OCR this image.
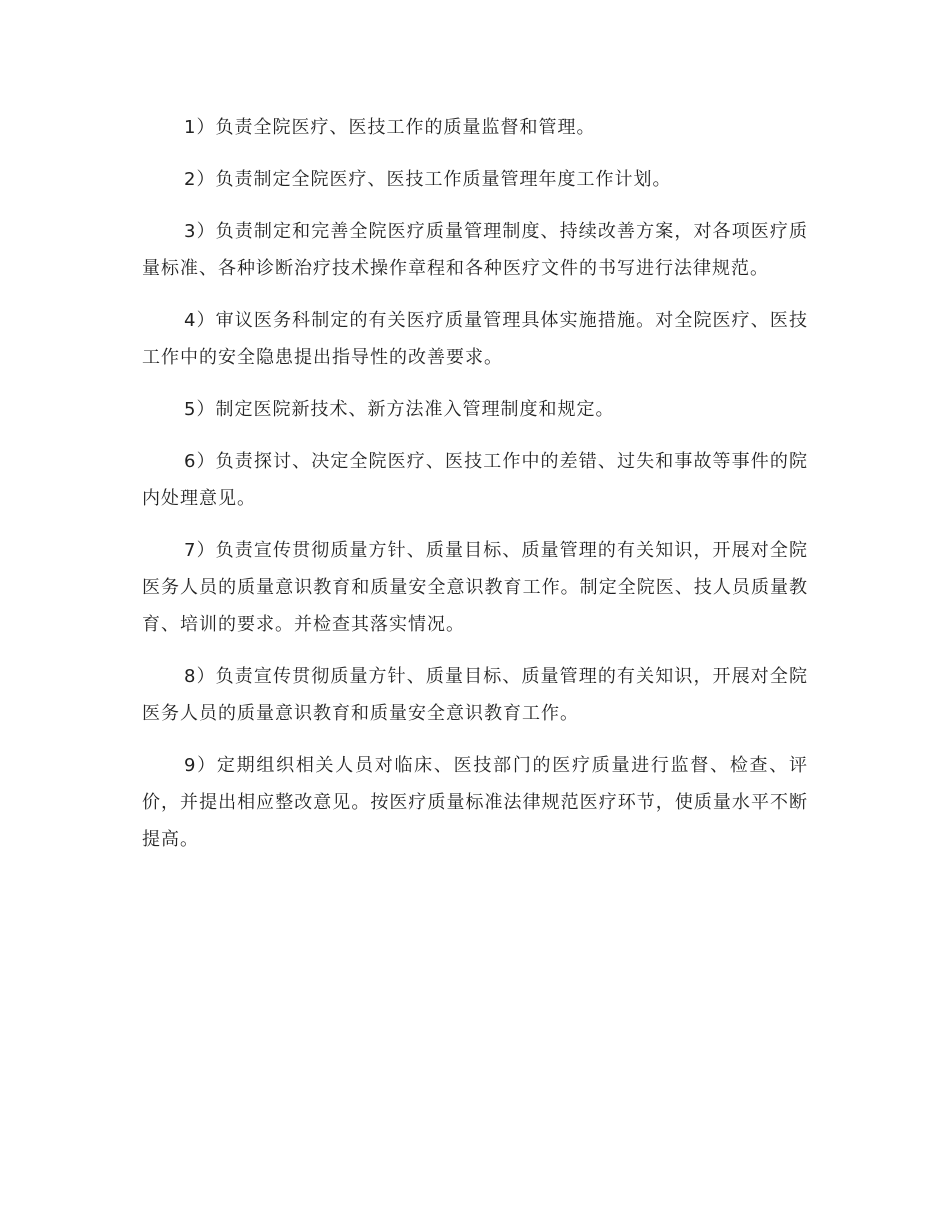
1）负责全院医疗、医技工作的质量监督和管理。

2）负责制定全院医疗、医技工作质量管理年度工作计划。

3）负责制定和完善全院医疗质量管理制度、持续改善方案，对各项医疗质量标准、各种诊断治疗技术操作章程和各种医疗文件的书写进行法律规范。

4）审议医务科制定的有关医疗质量管理具体实施措施。对全院医疗、医技工作中的安全隐患提出指导性的改善要求。

5）制定医院新技术、新方法准入管理制度和规定。

6）负责探讨、决定全院医疗、医技工作中的差错、过失和事故等事件的院内处理意见。

7）负责宣传贯彻质量方针、质量目标、质量管理的有关知识，开展对全院医务人员的质量意识教育和质量安全意识教育工作。制定全院医、技人员质量教育、培训的要求。并检查其落实情况。

8）负责宣传贯彻质量方针、质量目标、质量管理的有关知识，开展对全院医务人员的质量意识教育和质量安全意识教育工作。

9）定期组织相关人员对临床、医技部门的医疗质量进行监督、检查、评价，并提出相应整改意见。按医疗质量标准法律规范医疗环节，使质量水平不断提高。
